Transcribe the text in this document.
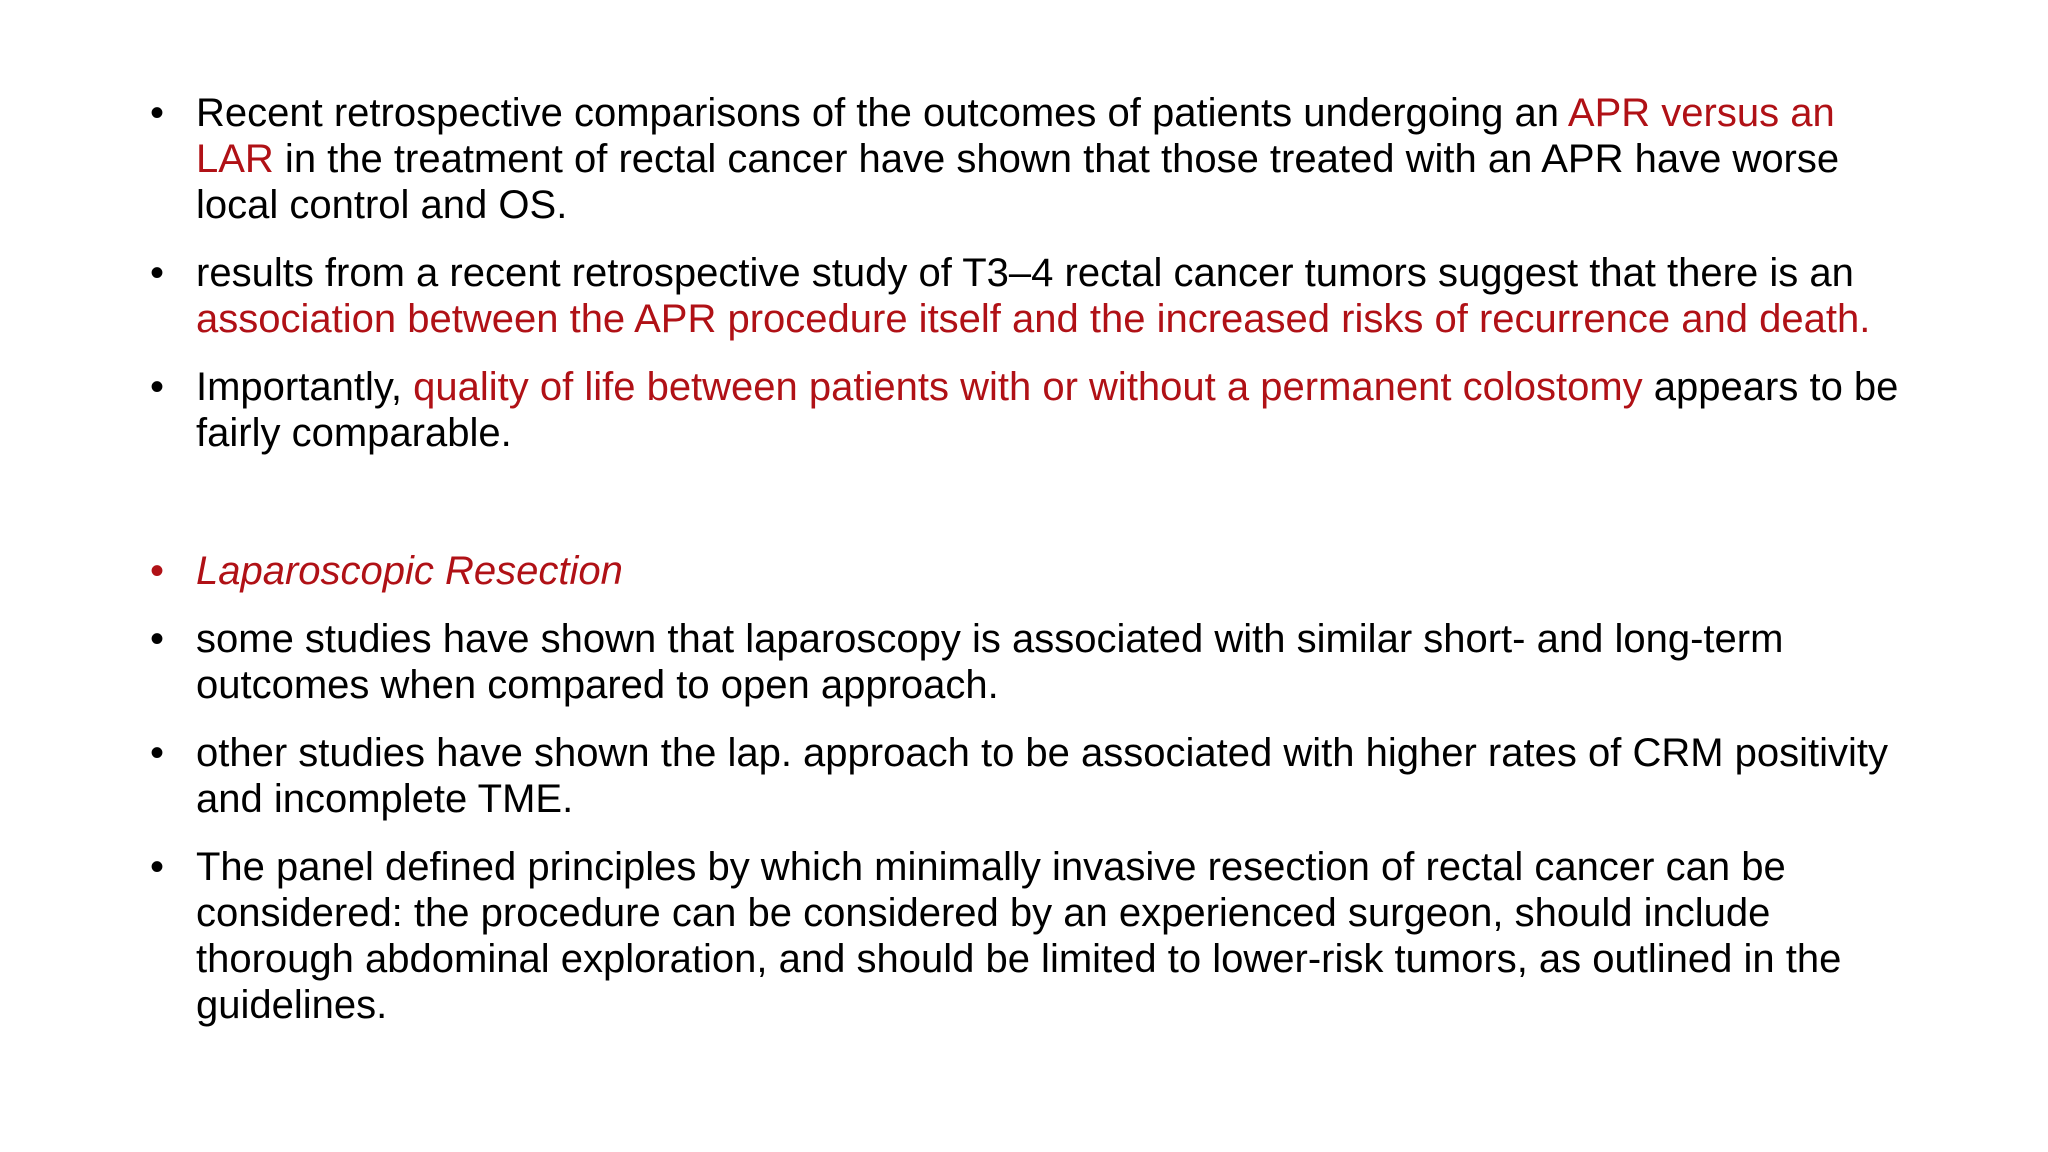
• Recent retrospective comparisons of the outcomes of patients undergoing an APR versus an LAR in the treatment of rectal cancer have shown that those treated with an APR have worse local control and OS.
• results from a recent retrospective study of T3–4 rectal cancer tumors suggest that there is an association between the APR procedure itself and the increased risks of recurrence and death.
• Importantly, quality of life between patients with or without a permanent colostomy appears to be fairly comparable.
• Laparoscopic Resection
• some studies have shown that laparoscopy is associated with similar short- and long-term outcomes when compared to open approach.
• other studies have shown the lap. approach to be associated with higher rates of CRM positivity and incomplete TME.
• The panel defined principles by which minimally invasive resection of rectal cancer can be considered: the procedure can be considered by an experienced surgeon, should include thorough abdominal exploration, and should be limited to lower-risk tumors, as outlined in the guidelines.
